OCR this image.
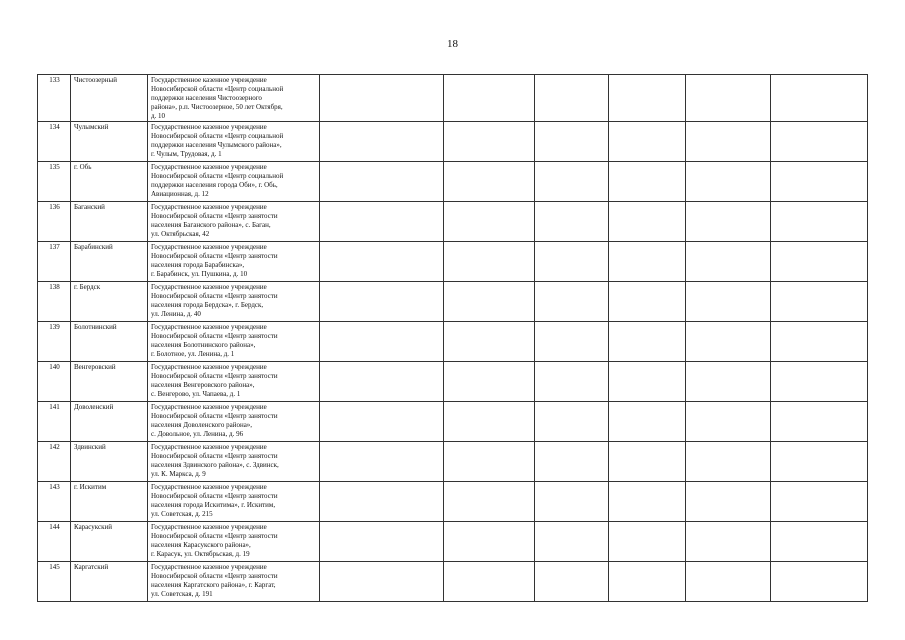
18
133	Чистоозерный	Государственное казенное учреждение
Новосибирской области «Центр социальной
поддержки населения Чистоозерного
района», р.п. Чистоозерное, 50 лет Октября,
д. 10						
134	Чулымский	Государственное казенное учреждение
Новосибирской области «Центр социальной
поддержки населения Чулымского района»,
г. Чулым, Трудовая, д. 1						
135	г. Обь	Государственное казенное учреждение
Новосибирской области «Центр социальной
поддержки населения города Оби», г. Обь,
Авиационная, д. 12						
136	Баганский	Государственное казенное учреждение
Новосибирской области «Центр занятости
населения Баганского района», с. Баган,
ул. Октябрьская, 42						
137	Барабинский	Государственное казенное учреждение
Новосибирской области «Центр занятости
населения города Барабинска»,
г. Барабинск, ул. Пушкина, д. 10						
138	г. Бердск	Государственное казенное учреждение
Новосибирской области «Центр занятости
населения города Бердска», г. Бердск,
ул. Ленина, д. 40						
139	Болотнинский	Государственное казенное учреждение
Новосибирской области «Центр занятости
населения Болотнинского района»,
г. Болотное, ул. Ленина, д. 1						
140	Венгеровский	Государственное казенное учреждение
Новосибирской области «Центр занятости
населения Венгеровского района»,
с. Венгерово, ул. Чапаева, д. 1						
141	Доволенский	Государственное казенное учреждение
Новосибирской области «Центр занятости
населения Доволенского района»,
с. Довольное, ул. Ленина, д. 96						
142	Здвинский	Государственное казенное учреждение
Новосибирской области «Центр занятости
населения Здвинского района», с. Здвинск,
ул. К. Маркса, д. 9						
143	г. Искитим	Государственное казенное учреждение
Новосибирской области «Центр занятости
населения города Искитима», г. Искитим,
ул. Советская, д. 215						
144	Карасукский	Государственное казенное учреждение
Новосибирской области «Центр занятости
населения Карасукского района»,
г. Карасук, ул. Октябрьская, д. 19						
145	Каргатский	Государственное казенное учреждение
Новосибирской области «Центр занятости
населения Каргатского района», г. Каргат,
ул. Советская, д. 191						
